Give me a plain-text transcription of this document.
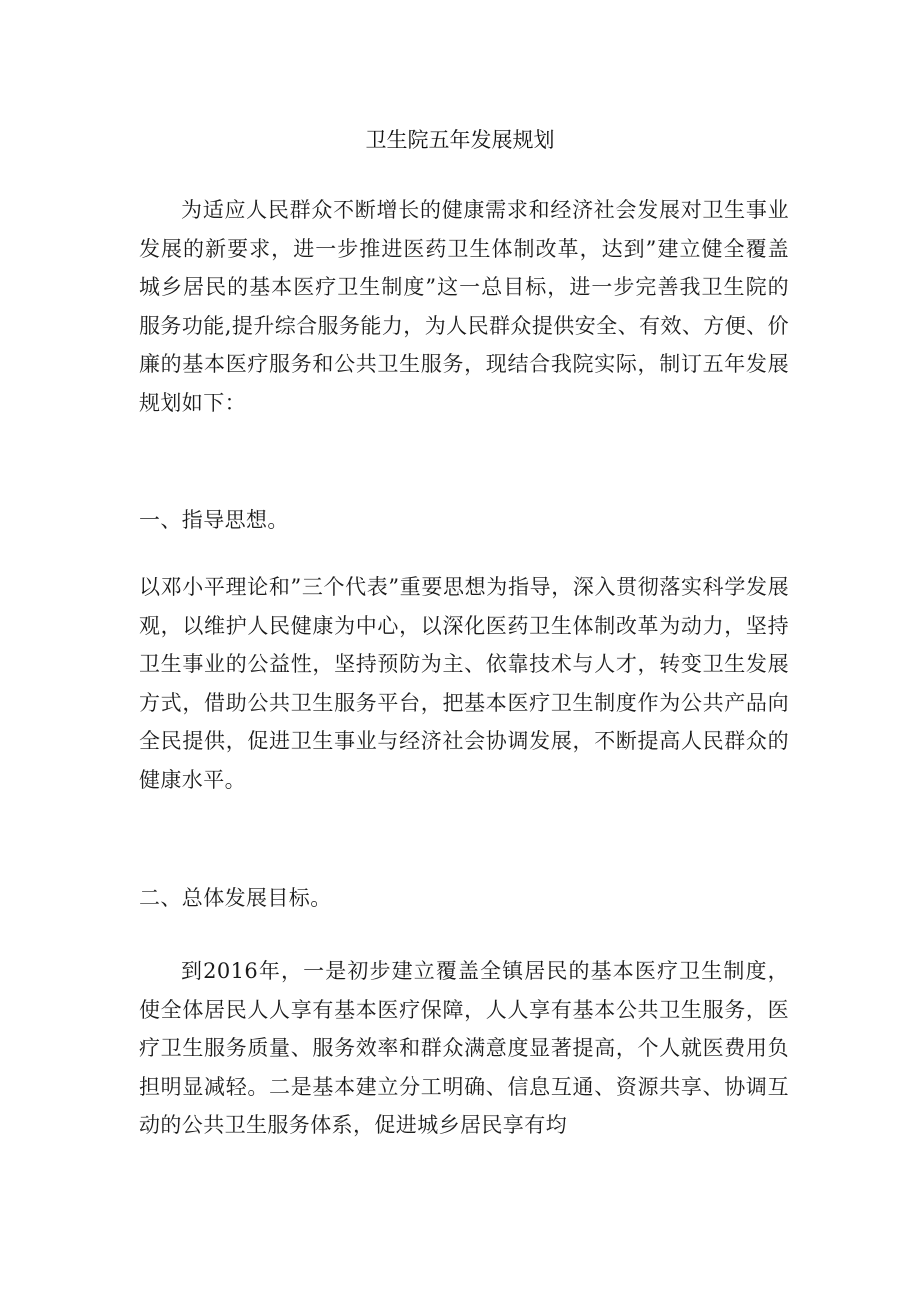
卫生院五年发展规划

为适应人民群众不断增长的健康需求和经济社会发展对卫生事业发展的新要求，进一步推进医药卫生体制改革，达到”建立健全覆盖城乡居民的基本医疗卫生制度”这一总目标，进一步完善我卫生院的服务功能,提升综合服务能力，为人民群众提供安全、有效、方便、价廉的基本医疗服务和公共卫生服务，现结合我院实际，制订五年发展规划如下：

一、指导思想。

以邓小平理论和”三个代表”重要思想为指导，深入贯彻落实科学发展观，以维护人民健康为中心，以深化医药卫生体制改革为动力，坚持卫生事业的公益性，坚持预防为主、依靠技术与人才，转变卫生发展方式，借助公共卫生服务平台，把基本医疗卫生制度作为公共产品向全民提供，促进卫生事业与经济社会协调发展，不断提高人民群众的健康水平。

二、总体发展目标。

到2016年，一是初步建立覆盖全镇居民的基本医疗卫生制度，使全体居民人人享有基本医疗保障，人人享有基本公共卫生服务，医疗卫生服务质量、服务效率和群众满意度显著提高，个人就医费用负担明显减轻。二是基本建立分工明确、信息互通、资源共享、协调互动的公共卫生服务体系，促进城乡居民享有均
